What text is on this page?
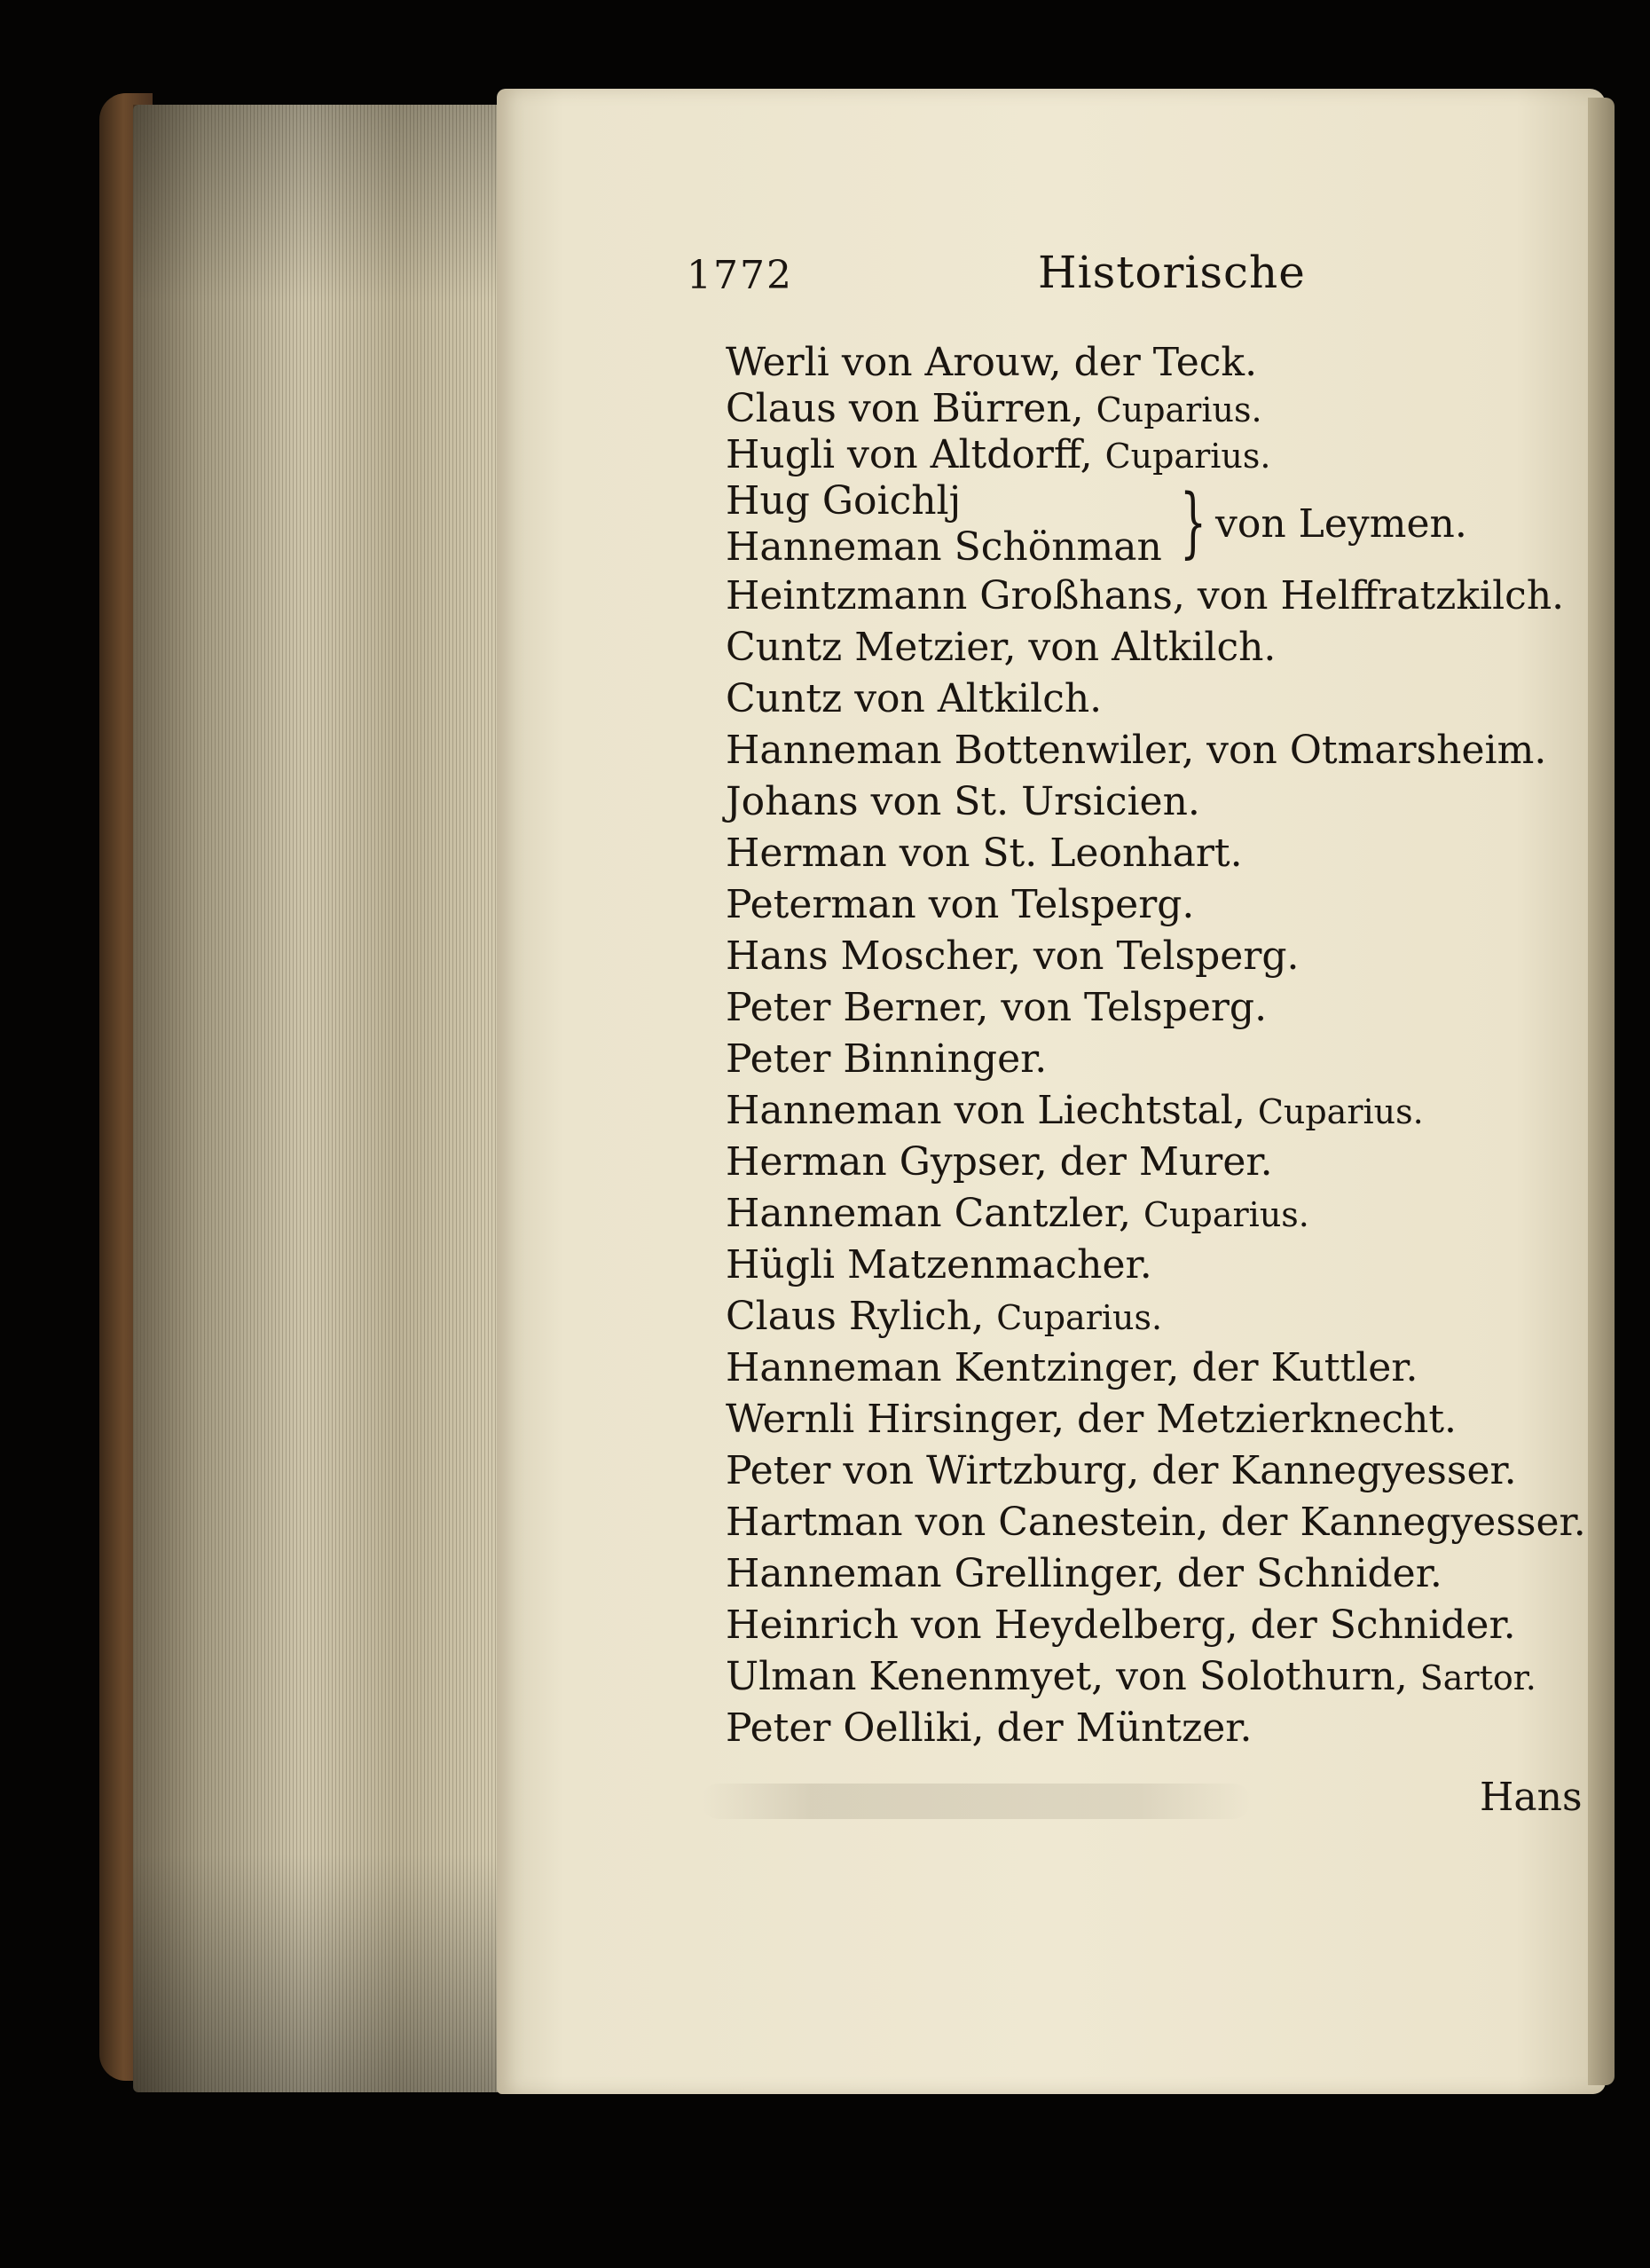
1772	Historische
Werli von Arouw, der Teck.
Claus von Bürren, Cuparius.
Hugli von Altdorff, Cuparius.
Hug Goichlj
Hanneman Schönman } von Leymen.
Heintzmann Großhans, von Helffratzkilch.
Cuntz Metzier, von Altkilch.
Cuntz von Altkilch.
Hanneman Bottenwiler, von Otmarsheim.
Johans von St. Ursicien.
Herman von St. Leonhart.
Peterman von Telsperg.
Hans Moscher, von Telsperg.
Peter Berner, von Telsperg.
Peter Binninger.
Hanneman von Liechtstal, Cuparius.
Herman Gypser, der Murer.
Hanneman Cantzler, Cuparius.
Hügli Matzenmacher.
Claus Rylich, Cuparius.
Hanneman Kentzinger, der Kuttler.
Wernli Hirsinger, der Metzierknecht.
Peter von Wirtzburg, der Kannegyesser.
Hartman von Canestein, der Kannegyesser.
Hanneman Grellinger, der Schnider.
Heinrich von Heydelberg, der Schnider.
Ulman Kenenmyet, von Solothurn, Sartor.
Peter Oelliki, der Müntzer.
Hans
